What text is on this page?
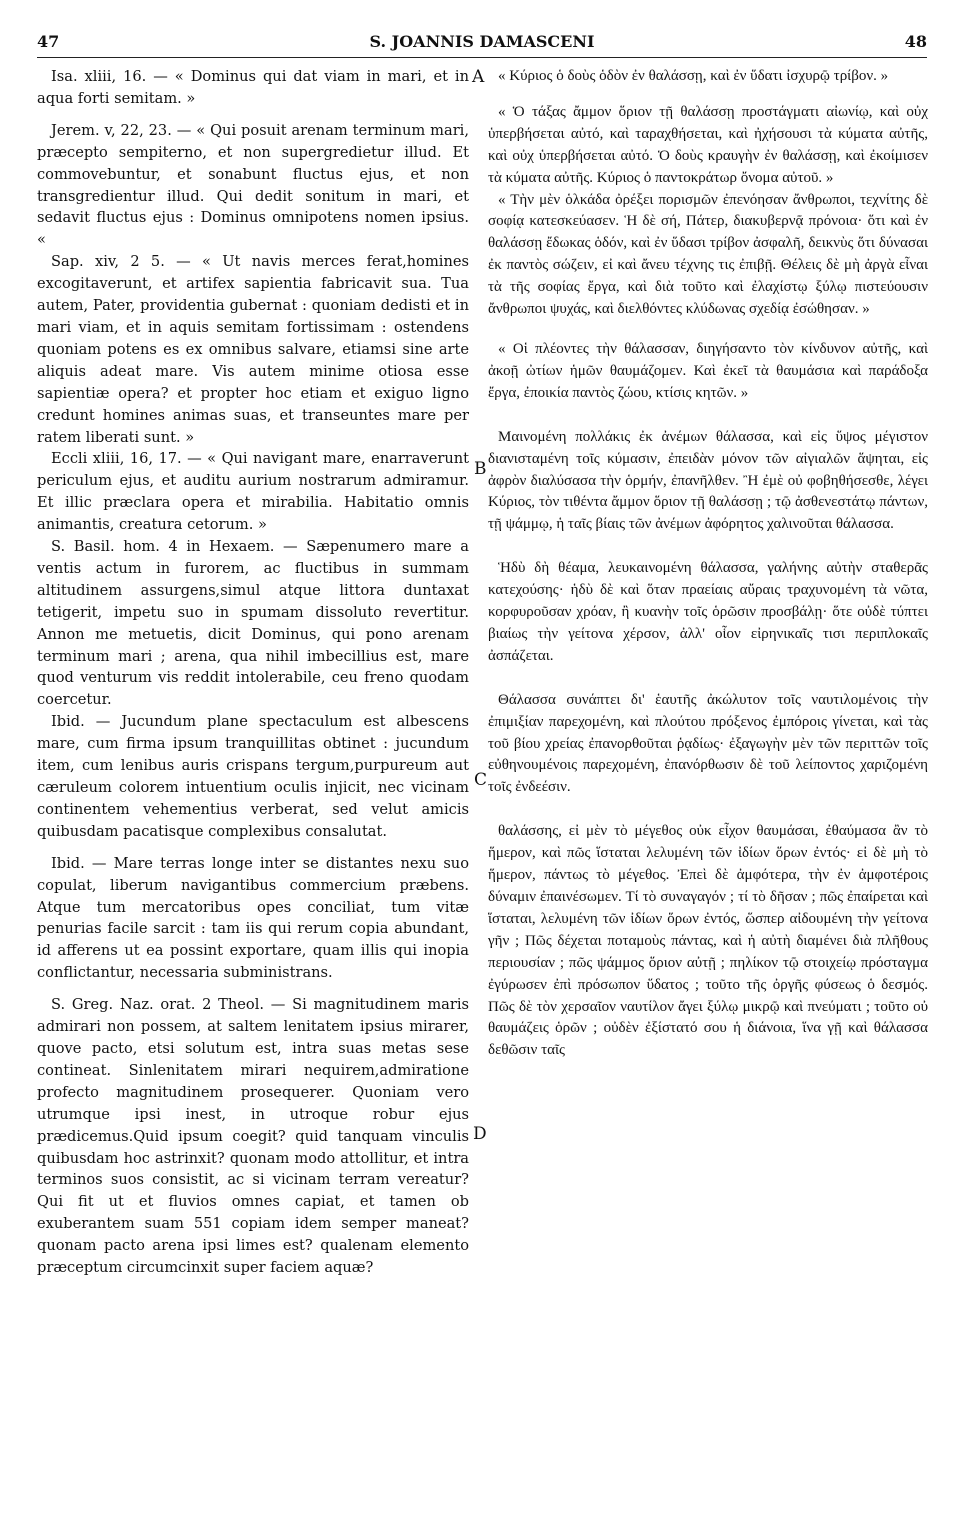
47	S. JOANNIS DAMASCENI	48
A
B
C
D

Isa. xliii, 16. — « Dominus qui dat viam in mari, et in aqua forti semitam. »

Jerem. v, 22, 23. — « Qui posuit arenam terminum mari, præcepto sempiterno, et non supergredietur illud. Et commovebuntur, et sonabunt fluctus ejus, et non transgredientur illud. Qui dedit sonitum in mari, et sedavit fluctus ejus : Dominus omnipotens nomen ipsius. «

Sap. xiv, 2 5. — « Ut navis merces ferat,homines excogitaverunt, et artifex sapientia fabricavit sua. Tua autem, Pater, providentia gubernat : quoniam dedisti et in mari viam, et in aquis semitam fortissimam : ostendens quoniam potens es ex omnibus salvare, etiamsi sine arte aliquis adeat mare. Vis autem minime otiosa esse sapientiæ opera? et propter hoc etiam et exiguo ligno credunt homines animas suas, et transeuntes mare per ratem liberati sunt. »

Eccli xliii, 16, 17. — « Qui navigant mare, enarraverunt periculum ejus, et auditu aurium nostrarum admiramur. Et illic præclara opera et mirabilia. Habitatio omnis animantis, creatura cetorum. »

S. Basil. hom. 4 in Hexaem. — Sæpenumero mare a ventis actum in furorem, ac fluctibus in summam altitudinem assurgens,simul atque littora duntaxat tetigerit, impetu suo in spumam dissoluto revertitur. Annon me metuetis, dicit Dominus, qui pono arenam terminum mari ; arena, qua nihil imbecillius est, mare quod venturum vis reddit intolerabile, ceu freno quodam coercetur.

Ibid. — Jucundum plane spectaculum est albescens mare, cum firma ipsum tranquillitas obtinet : jucundum item, cum lenibus auris crispans tergum,purpureum aut cæruleum colorem intuentium oculis injicit, nec vicinam continentem vehementius verberat, sed velut amicis quibusdam pacatisque complexibus consalutat.

Ibid. — Mare terras longe inter se distantes nexu suo copulat, liberum navigantibus commercium præbens. Atque tum mercatoribus opes conciliat, tum vitæ penurias facile sarcit : tam iis qui rerum copia abundant, id afferens ut ea possint exportare, quam illis qui inopia conflictantur, necessaria subministrans.

S. Greg. Naz. orat. 2 Theol. — Si magnitudinem maris admirari non possem, at saltem lenitatem ipsius mirarer, quove pacto, etsi solutum est, intra suas metas sese contineat. Sinlenitatem mirari nequirem,admiratione profecto magnitudinem prosequerer. Quoniam vero utrumque ipsi inest, in utroque robur ejus prædicemus.Quid ipsum coegit? quid tanquam vinculis quibusdam hoc astrinxit? quonam modo attollitur, et intra terminos suos consistit, ac si vicinam terram vereatur? Qui fit ut et fluvios omnes capiat, et tamen ob exuberantem suam 551 copiam idem semper maneat? quonam pacto arena ipsi limes est? qualenam elemento præceptum circumcinxit super faciem aquæ?

« Κύριος ὁ δοὺς ὁδὸν ἐν θαλάσσῃ, καὶ ἐν ὕδατι ἰσχυρῷ τρίβον. »

« Ὁ τάξας ἄμμον ὅριον τῇ θαλάσσῃ προστάγματι αἰωνίῳ, καὶ οὐχ ὑπερβήσεται αὐτό, καὶ ταραχθήσεται, καὶ ἠχήσουσι τὰ κύματα αὐτῆς, καὶ οὐχ ὑπερβήσεται αὐτό. Ὁ δοὺς κραυγὴν ἐν θαλάσσῃ, καὶ ἐκοίμισεν τὰ κύματα αὐτῆς. Κύριος ὁ παντοκράτωρ ὄνομα αὐτοῦ. »

« Τὴν μὲν ὁλκάδα ὀρέξει πορισμῶν ἐπενόησαν ἄνθρωποι, τεχνίτης δὲ σοφίᾳ κατεσκεύασεν. Ἡ δὲ σή, Πάτερ, διακυβερνᾷ πρόνοια· ὅτι καὶ ἐν θαλάσσῃ ἔδωκας ὁδόν, καὶ ἐν ὕδασι τρίβον ἀσφαλῆ, δεικνὺς ὅτι δύνασαι ἐκ παντὸς σώζειν, εἰ καὶ ἄνευ τέχνης τις ἐπιβῇ. Θέλεις δὲ μὴ ἀργὰ εἶναι τὰ τῆς σοφίας ἔργα, καὶ διὰ τοῦτο καὶ ἐλαχίστῳ ξύλῳ πιστεύουσιν ἄνθρωποι ψυχάς, καὶ διελθόντες κλύδωνας σχεδίᾳ ἐσώθησαν. »

« Οἱ πλέοντες τὴν θάλασσαν, διηγήσαντο τὸν κίνδυνον αὐτῆς, καὶ ἀκοῇ ὠτίων ἡμῶν θαυμάζομεν. Καὶ ἐκεῖ τὰ θαυμάσια καὶ παράδοξα ἔργα, ἐποικία παντὸς ζώου, κτίσις κητῶν. »

Μαινομένη πολλάκις ἐκ ἀνέμων θάλασσα, καὶ εἰς ὕψος μέγιστον διανισταμένη τοῖς κύμασιν, ἐπειδὰν μόνον τῶν αἰγιαλῶν ἅψηται, εἰς ἀφρὸν διαλύσασα τὴν ὁρμήν, ἐπανῆλθεν. Ἢ ἐμὲ οὐ φοβηθήσεσθε, λέγει Κύριος, τὸν τιθέντα ἄμμον ὅριον τῇ θαλάσσῃ ; τῷ ἀσθενεστάτῳ πάντων, τῇ ψάμμῳ, ἡ ταῖς βίαις τῶν ἀνέμων ἀφόρητος χαλινοῦται θάλασσα.

Ἡδὺ δὴ θέαμα, λευκαινομένη θάλασσα, γαλήνης αὐτὴν σταθερᾶς κατεχούσης· ἡδὺ δὲ καὶ ὅταν πραείαις αὔραις τραχυνομένη τὰ νῶτα, κορφυροῦσαν χρόαν, ἢ κυανὴν τοῖς ὁρῶσιν προσβάλῃ· ὅτε οὐδὲ τύπτει βιαίως τὴν γείτονα χέρσον, ἀλλ' οἷον εἰρηνικαῖς τισι περιπλοκαῖς ἀσπάζεται.

Θάλασσα συνάπτει δι' ἑαυτῆς ἀκώλυτον τοῖς ναυτιλομένοις τὴν ἐπιμιξίαν παρεχομένη, καὶ πλούτου πρόξενος ἐμπόροις γίνεται, καὶ τὰς τοῦ βίου χρείας ἐπανορθοῦται ῥᾳδίως· ἐξαγωγὴν μὲν τῶν περιττῶν τοῖς εὐθηνουμένοις παρεχομένη, ἐπανόρθωσιν δὲ τοῦ λείποντος χαριζομένη τοῖς ἐνδεέσιν.

θαλάσσης, εἰ μὲν τὸ μέγεθος οὐκ εἶχον θαυμάσαι, ἐθαύμασα ἂν τὸ ἥμερον, καὶ πῶς ἵσταται λελυμένη τῶν ἰδίων ὅρων ἐντός· εἰ δὲ μὴ τὸ ἥμερον, πάντως τὸ μέγεθος. Ἐπεὶ δὲ ἀμφότερα, τὴν ἐν ἀμφοτέροις δύναμιν ἐπαινέσωμεν. Τί τὸ συναγαγόν ; τί τὸ δῆσαν ; πῶς ἐπαίρεται καὶ ἵσταται, λελυμένη τῶν ἰδίων ὅρων ἐντός, ὥσπερ αἰδουμένη τὴν γείτονα γῆν ; Πῶς δέχεται ποταμοὺς πάντας, καὶ ἡ αὐτὴ διαμένει διὰ πλῆθους περιουσίαν ; πῶς ψάμμος ὅριον αὐτῇ ; πηλίκον τῷ στοιχείῳ πρόσταγμα ἐγύρωσεν ἐπὶ πρόσωπον ὕδατος ; τοῦτο τῆς ὀργῆς φύσεως ὁ δεσμός. Πῶς δὲ τὸν χερσαῖον ναυτίλον ἄγει ξύλῳ μικρῷ καὶ πνεύματι ; τοῦτο οὐ θαυμάζεις ὁρῶν ; οὐδὲν ἐξίστατό σου ἡ διάνοια, ἵνα γῇ καὶ θάλασσα δεθῶσιν ταῖς
